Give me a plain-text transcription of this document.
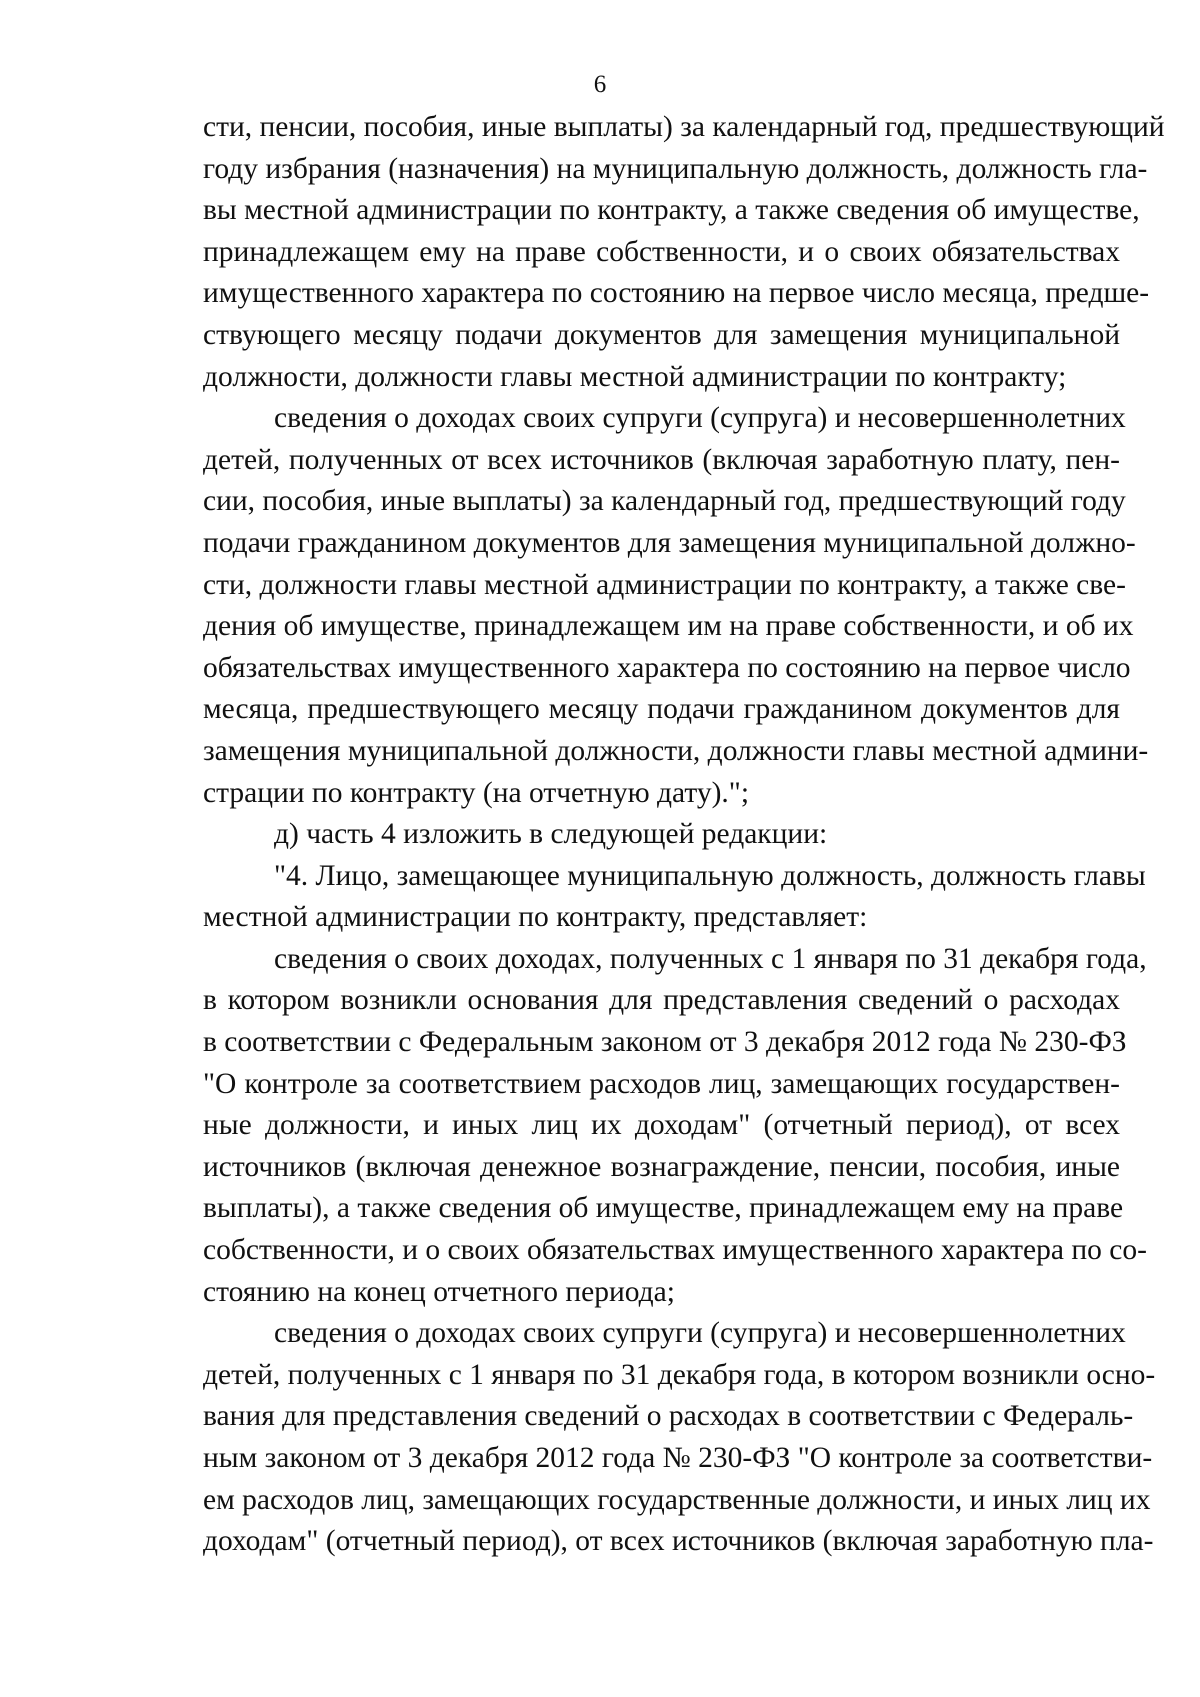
6
сти, пенсии, пособия, иные выплаты) за календарный год, предшествующий
году избрания (назначения) на муниципальную должность, должность гла-
вы местной администрации по контракту, а также сведения об имуществе,
принадлежащем ему на праве собственности, и о своих обязательствах
имущественного характера по состоянию на первое число месяца, предше-
ствующего месяцу подачи документов для замещения муниципальной
должности, должности главы местной администрации по контракту;
сведения о доходах своих супруги (супруга) и несовершеннолетних
детей, полученных от всех источников (включая заработную плату, пен-
сии, пособия, иные выплаты) за календарный год, предшествующий году
подачи гражданином документов для замещения муниципальной должно-
сти, должности главы местной администрации по контракту, а также све-
дения об имуществе, принадлежащем им на праве собственности, и об их
обязательствах имущественного характера по состоянию на первое число
месяца, предшествующего месяцу подачи гражданином документов для
замещения муниципальной должности, должности главы местной админи-
страции по контракту (на отчетную дату).";
д) часть 4 изложить в следующей редакции:
"4. Лицо, замещающее муниципальную должность, должность главы
местной администрации по контракту, представляет:
сведения о своих доходах, полученных с 1 января по 31 декабря года,
в котором возникли основания для представления сведений о расходах
в соответствии с Федеральным законом от 3 декабря 2012 года № 230-ФЗ
"О контроле за соответствием расходов лиц, замещающих государствен-
ные должности, и иных лиц их доходам" (отчетный период), от всех
источников (включая денежное вознаграждение, пенсии, пособия, иные
выплаты), а также сведения об имуществе, принадлежащем ему на праве
собственности, и о своих обязательствах имущественного характера по со-
стоянию на конец отчетного периода;
сведения о доходах своих супруги (супруга) и несовершеннолетних
детей, полученных с 1 января по 31 декабря года, в котором возникли осно-
вания для представления сведений о расходах в соответствии с Федераль-
ным законом от 3 декабря 2012 года № 230-ФЗ "О контроле за соответстви-
ем расходов лиц, замещающих государственные должности, и иных лиц их
доходам" (отчетный период), от всех источников (включая заработную пла-
